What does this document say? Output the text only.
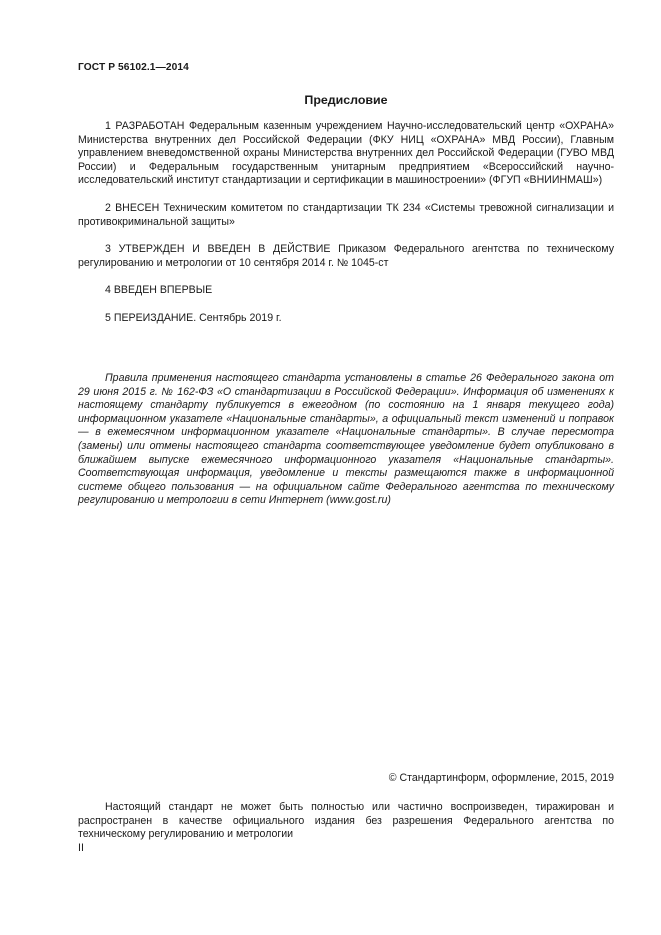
ГОСТ Р 56102.1—2014
Предисловие

1 РАЗРАБОТАН Федеральным казенным учреждением Научно-исследовательский центр «ОХРАНА» Министерства внутренних дел Российской Федерации (ФКУ НИЦ «ОХРАНА» МВД России), Главным управлением вневедомственной охраны Министерства внутренних дел Российской Федерации (ГУВО МВД России) и Федеральным государственным унитарным предприятием «Всероссийский научно-исследовательский институт стандартизации и сертификации в машиностроении» (ФГУП «ВНИИНМАШ»)

2 ВНЕСЕН Техническим комитетом по стандартизации ТК 234 «Системы тревожной сигнализации и противокриминальной защиты»

3 УТВЕРЖДЕН И ВВЕДЕН В ДЕЙСТВИЕ Приказом Федерального агентства по техническому регулированию и метрологии от 10 сентября 2014 г. № 1045-ст

4 ВВЕДЕН ВПЕРВЫЕ

5 ПЕРЕИЗДАНИЕ. Сентябрь 2019 г.

Правила применения настоящего стандарта установлены в статье 26 Федерального закона от 29 июня 2015 г. № 162-ФЗ «О стандартизации в Российской Федерации». Информация об изменениях к настоящему стандарту публикуется в ежегодном (по состоянию на 1 января текущего года) информационном указателе «Национальные стандарты», а официальный текст изменений и поправок — в ежемесячном информационном указателе «Национальные стандарты». В случае пересмотра (замены) или отмены настоящего стандарта соответствующее уведомление будет опубликовано в ближайшем выпуске ежемесячного информационного указателя «Национальные стандарты». Соответствующая информация, уведомление и тексты размещаются также в информационной системе общего пользования — на официальном сайте Федерального агентства по техническому регулированию и метрологии в сети Интернет (www.gost.ru)

© Стандартинформ, оформление, 2015, 2019

Настоящий стандарт не может быть полностью или частично воспроизведен, тиражирован и распространен в качестве официального издания без разрешения Федерального агентства по техническому регулированию и метрологии

II
